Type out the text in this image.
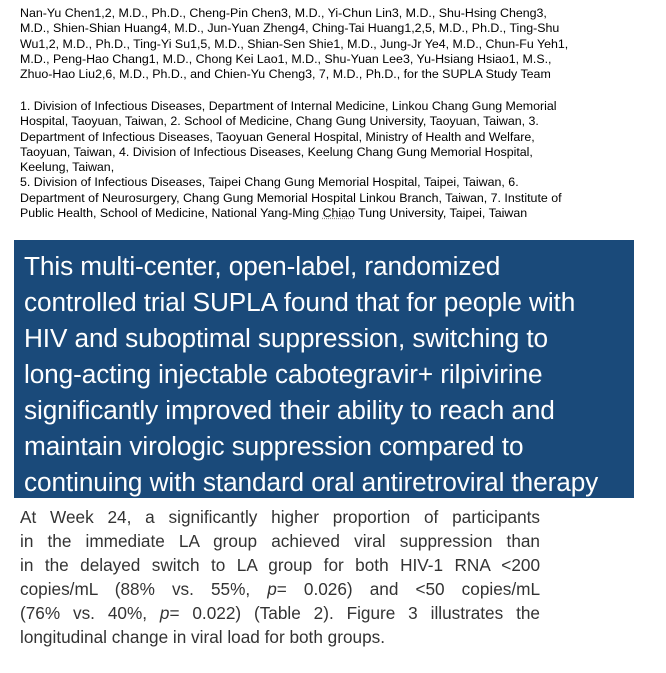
Nan-Yu Chen1,2, M.D., Ph.D., Cheng-Pin Chen3, M.D., Yi-Chun Lin3, M.D., Shu-Hsing Cheng3,
M.D., Shien-Shian Huang4, M.D., Jun-Yuan Zheng4, Ching-Tai Huang1,2,5, M.D., Ph.D., Ting-Shu
Wu1,2, M.D., Ph.D., Ting-Yi Su1,5, M.D., Shian-Sen Shie1, M.D., Jung-Jr Ye4, M.D., Chun-Fu Yeh1,
M.D., Peng-Hao Chang1, M.D., Chong Kei Lao1, M.D., Shu-Yuan Lee3, Yu-Hsiang Hsiao1, M.S.,
Zhuo-Hao Liu2,6, M.D., Ph.D., and Chien-Yu Cheng3, 7, M.D., Ph.D., for the SUPLA Study Team

1. Division of Infectious Diseases, Department of Internal Medicine, Linkou Chang Gung Memorial

Hospital, Taoyuan, Taiwan, 2. School of Medicine, Chang Gung University, Taoyuan, Taiwan, 3.

Department of Infectious Diseases, Taoyuan General Hospital, Ministry of Health and Welfare,

Taoyuan, Taiwan, 4. Division of Infectious Diseases, Keelung Chang Gung Memorial Hospital,

Keelung, Taiwan,

5. Division of Infectious Diseases, Taipei Chang Gung Memorial Hospital, Taipei, Taiwan, 6.

Department of Neurosurgery, Chang Gung Memorial Hospital Linkou Branch, Taiwan, 7. Institute of

Public Health, School of Medicine, National Yang-Ming Chiao Tung University, Taipei, Taiwan

This multi-center, open-label, randomized
controlled trial SUPLA found that for people with
HIV and suboptimal suppression, switching to
long-acting injectable cabotegravir+ rilpivirine
significantly improved their ability to reach and
maintain virologic suppression compared to
continuing with standard oral antiretroviral therapy
At Week 24, a significantly higher proportion of participants
in the immediate LA group achieved viral suppression than
in the delayed switch to LA group for both HIV-1 RNA <200
copies/mL (88% vs. 55%, p= 0.026) and <50 copies/mL
(76% vs. 40%, p= 0.022) (Table 2). Figure 3 illustrates the
longitudinal change in viral load for both groups.
